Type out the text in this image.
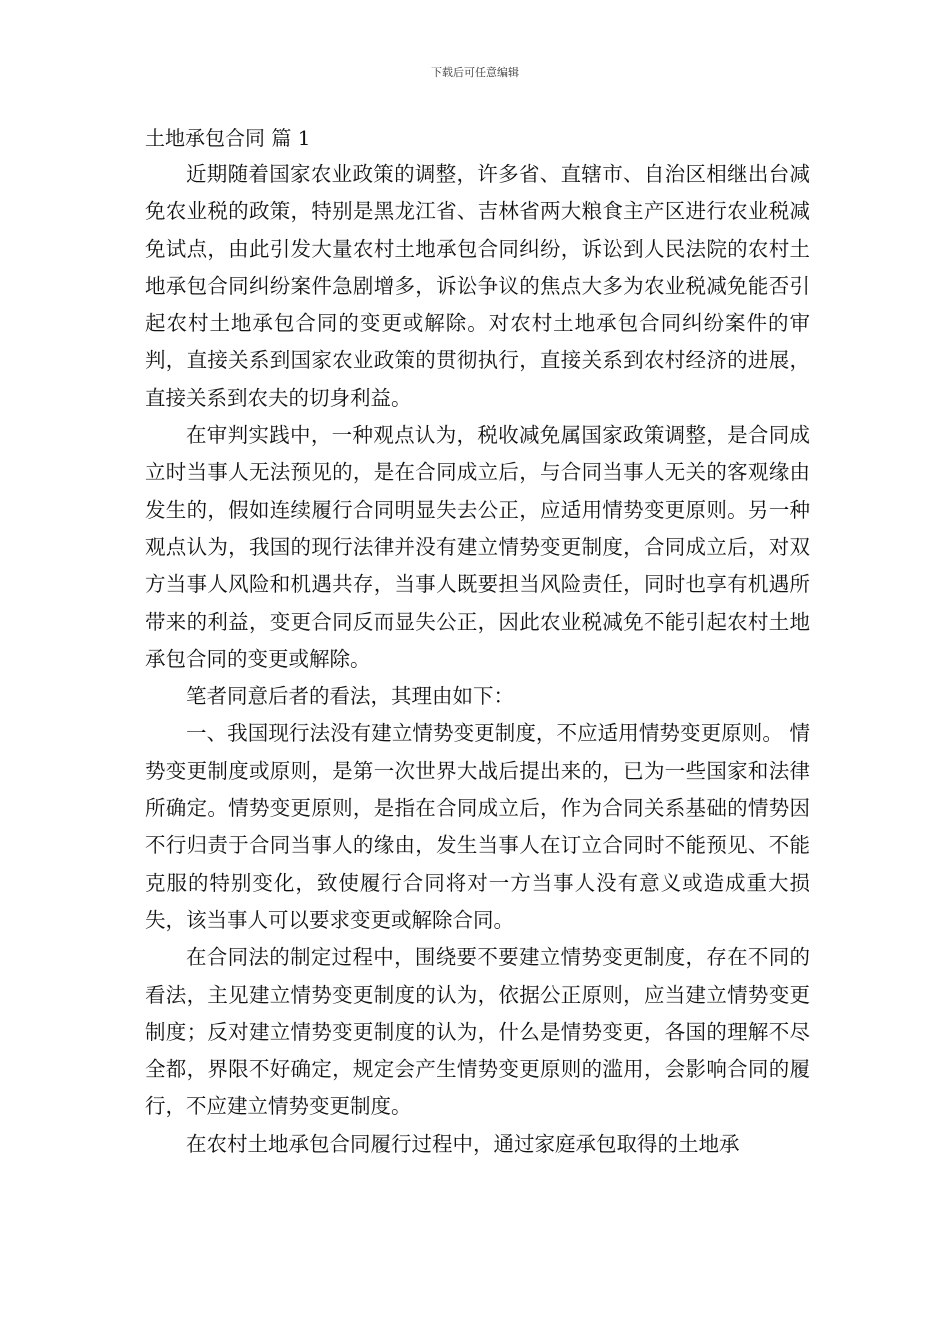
下载后可任意编辑
土地承包合同 篇 1

近期随着国家农业政策的调整，许多省、直辖市、自治区相继出台减免农业税的政策，特别是黑龙江省、吉林省两大粮食主产区进行农业税减免试点，由此引发大量农村土地承包合同纠纷，诉讼到人民法院的农村土地承包合同纠纷案件急剧增多，诉讼争议的焦点大多为农业税减免能否引起农村土地承包合同的变更或解除。对农村土地承包合同纠纷案件的审判，直接关系到国家农业政策的贯彻执行，直接关系到农村经济的进展，直接关系到农夫的切身利益。

在审判实践中，一种观点认为，税收减免属国家政策调整，是合同成立时当事人无法预见的，是在合同成立后，与合同当事人无关的客观缘由发生的，假如连续履行合同明显失去公正，应适用情势变更原则。另一种观点认为，我国的现行法律并没有建立情势变更制度，合同成立后，对双方当事人风险和机遇共存，当事人既要担当风险责任，同时也享有机遇所带来的利益，变更合同反而显失公正，因此农业税减免不能引起农村土地承包合同的变更或解除。

笔者同意后者的看法，其理由如下：

一、我国现行法没有建立情势变更制度，不应适用情势变更原则。 情势变更制度或原则，是第一次世界大战后提出来的，已为一些国家和法律所确定。情势变更原则，是指在合同成立后，作为合同关系基础的情势因不行归责于合同当事人的缘由，发生当事人在订立合同时不能预见、不能克服的特别变化，致使履行合同将对一方当事人没有意义或造成重大损失，该当事人可以要求变更或解除合同。

在合同法的制定过程中，围绕要不要建立情势变更制度，存在不同的看法，主见建立情势变更制度的认为，依据公正原则，应当建立情势变更制度；反对建立情势变更制度的认为，什么是情势变更，各国的理解不尽全都，界限不好确定，规定会产生情势变更原则的滥用，会影响合同的履行，不应建立情势变更制度。

在农村土地承包合同履行过程中，通过家庭承包取得的土地承
